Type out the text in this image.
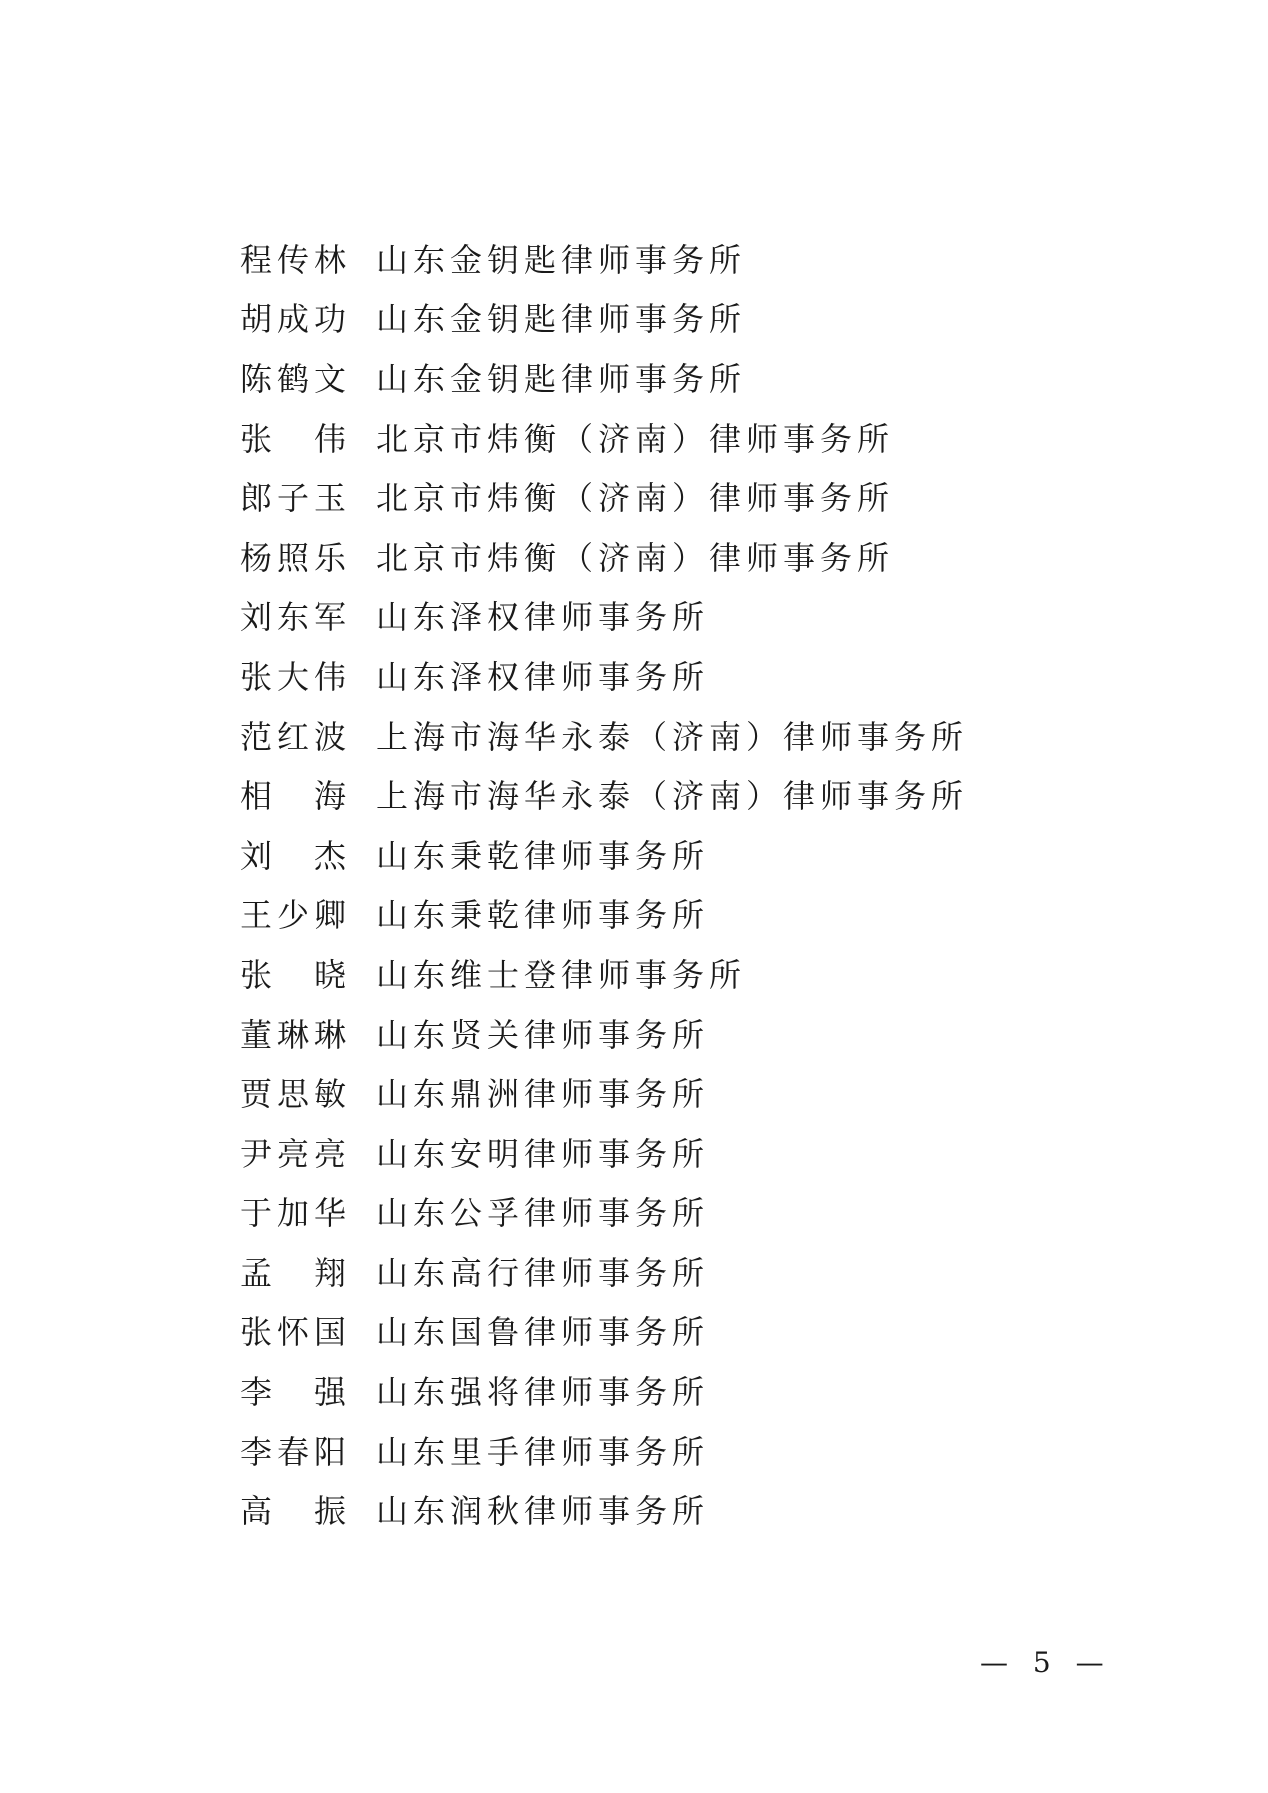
程传林 山东金钥匙律师事务所
胡成功 山东金钥匙律师事务所
陈鹤文 山东金钥匙律师事务所
张　伟 北京市炜衡（济南）律师事务所
郎子玉 北京市炜衡（济南）律师事务所
杨照乐 北京市炜衡（济南）律师事务所
刘东军 山东泽权律师事务所
张大伟 山东泽权律师事务所
范红波 上海市海华永泰（济南）律师事务所
相　海 上海市海华永泰（济南）律师事务所
刘　杰 山东秉乾律师事务所
王少卿 山东秉乾律师事务所
张　晓 山东维士登律师事务所
董琳琳 山东贤关律师事务所
贾思敏 山东鼎洲律师事务所
尹亮亮 山东安明律师事务所
于加华 山东公孚律师事务所
孟　翔 山东高行律师事务所
张怀国 山东国鲁律师事务所
李　强 山东强将律师事务所
李春阳 山东里手律师事务所
高　振 山东润秋律师事务所
— 5 —
